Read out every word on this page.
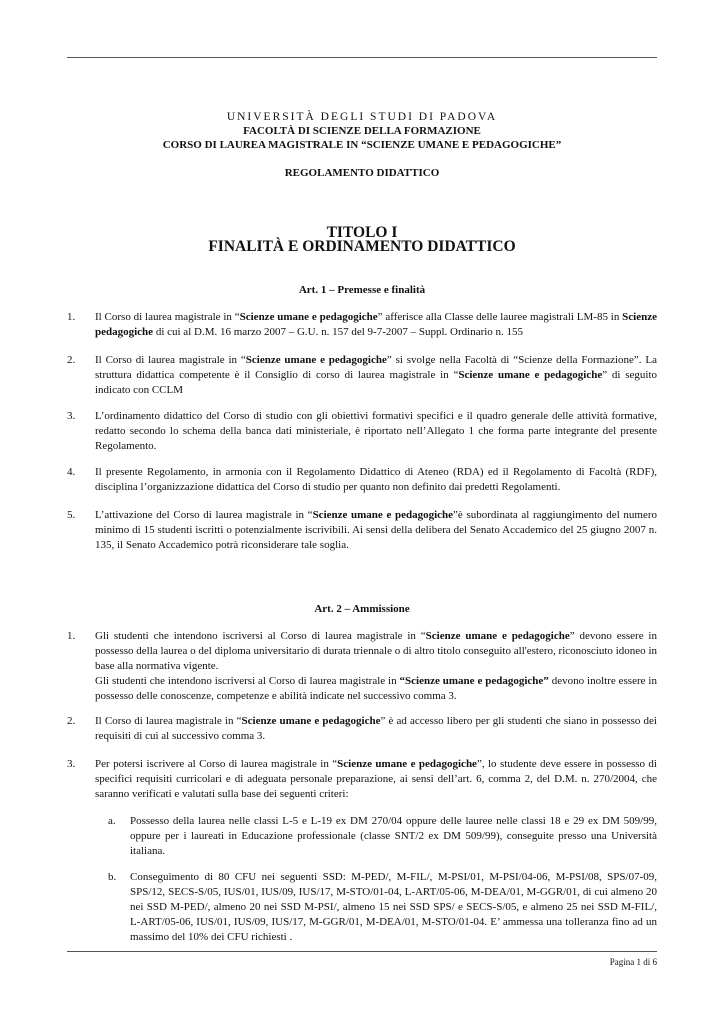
UNIVERSITÀ DEGLI STUDI DI PADOVA
FACOLTÀ DI SCIENZE DELLA FORMAZIONE
CORSO DI LAUREA MAGISTRALE IN “SCIENZE UMANE E PEDAGOGICHE”
REGOLAMENTO DIDATTICO
TITOLO I
FINALITÀ E ORDINAMENTO DIDATTICO
Art. 1 – Premesse e finalità
1.	Il Corso di laurea magistrale in “Scienze umane e pedagogiche” afferisce alla Classe delle lauree magistrali LM-85 in Scienze pedagogiche di cui al D.M. 16 marzo 2007 – G.U. n. 157 del 9-7-2007 – Suppl. Ordinario n. 155
2.	Il Corso di laurea magistrale in “Scienze umane e pedagogiche” si svolge nella Facoltà di “Scienze della Formazione”. La struttura didattica competente è il Consiglio di corso di laurea magistrale in “Scienze umane e pedagogiche” di seguito indicato con CCLM
3.	L’ordinamento didattico del Corso di studio con gli obiettivi formativi specifici e il quadro generale delle attività formative, redatto secondo lo schema della banca dati ministeriale, è riportato nell’Allegato 1 che forma parte integrante del presente Regolamento.
4.	Il presente Regolamento, in armonia con il Regolamento Didattico di Ateneo (RDA) ed il Regolamento di Facoltà (RDF), disciplina l’organizzazione didattica del Corso di studio per quanto non definito dai predetti Regolamenti.
5.	L’attivazione del Corso di laurea magistrale in “Scienze umane e pedagogiche”è subordinata al raggiungimento del numero minimo di 15 studenti iscritti o potenzialmente iscrivibili. Ai sensi della delibera del Senato Accademico del 25 giugno 2007 n. 135, il Senato Accademico potrà riconsiderare tale soglia.
Art. 2 – Ammissione
1.	Gli studenti che intendono iscriversi al Corso di laurea magistrale in “Scienze umane e pedagogiche” devono essere in possesso della laurea o del diploma universitario di durata triennale o di altro titolo conseguito all'estero, riconosciuto idoneo in base alla normativa vigente.
Gli studenti che intendono iscriversi al Corso di laurea magistrale in “Scienze umane e pedagogiche” devono inoltre essere in possesso delle conoscenze, competenze e abilità indicate nel successivo comma 3.
2.	Il Corso di laurea magistrale in “Scienze umane e pedagogiche” è ad accesso libero per gli studenti che siano in possesso dei requisiti di cui al successivo comma 3.
3.	Per potersi iscrivere al Corso di laurea magistrale in “Scienze umane e pedagogiche”, lo studente deve essere in possesso di specifici requisiti curricolari e di adeguata personale preparazione, ai sensi dell’art. 6, comma 2, del D.M. n. 270/2004, che saranno verificati e valutati sulla base dei seguenti criteri:
a.	Possesso della laurea nelle classi L-5 e L-19 ex DM 270/04 oppure delle lauree nelle classi 18 e 29 ex DM 509/99, oppure per i laureati in Educazione professionale (classe SNT/2 ex DM 509/99), conseguite presso una Università italiana.
b.	Conseguimento di 80 CFU nei seguenti SSD: M-PED/, M-FIL/, M-PSI/01, M-PSI/04-06, M-PSI/08, SPS/07-09, SPS/12, SECS-S/05, IUS/01, IUS/09, IUS/17, M-STO/01-04, L-ART/05-06, M-DEA/01, M-GGR/01, di cui almeno 20 nei SSD M-PED/, almeno 20 nei SSD M-PSI/, almeno 15 nei SSD SPS/ e SECS-S/05, e almeno 25 nei SSD M-FIL/, L-ART/05-06, IUS/01, IUS/09, IUS/17, M-GGR/01, M-DEA/01, M-STO/01-04. E’ ammessa una tolleranza fino ad un massimo del 10% dei CFU richiesti .
Pagina 1 di 6
